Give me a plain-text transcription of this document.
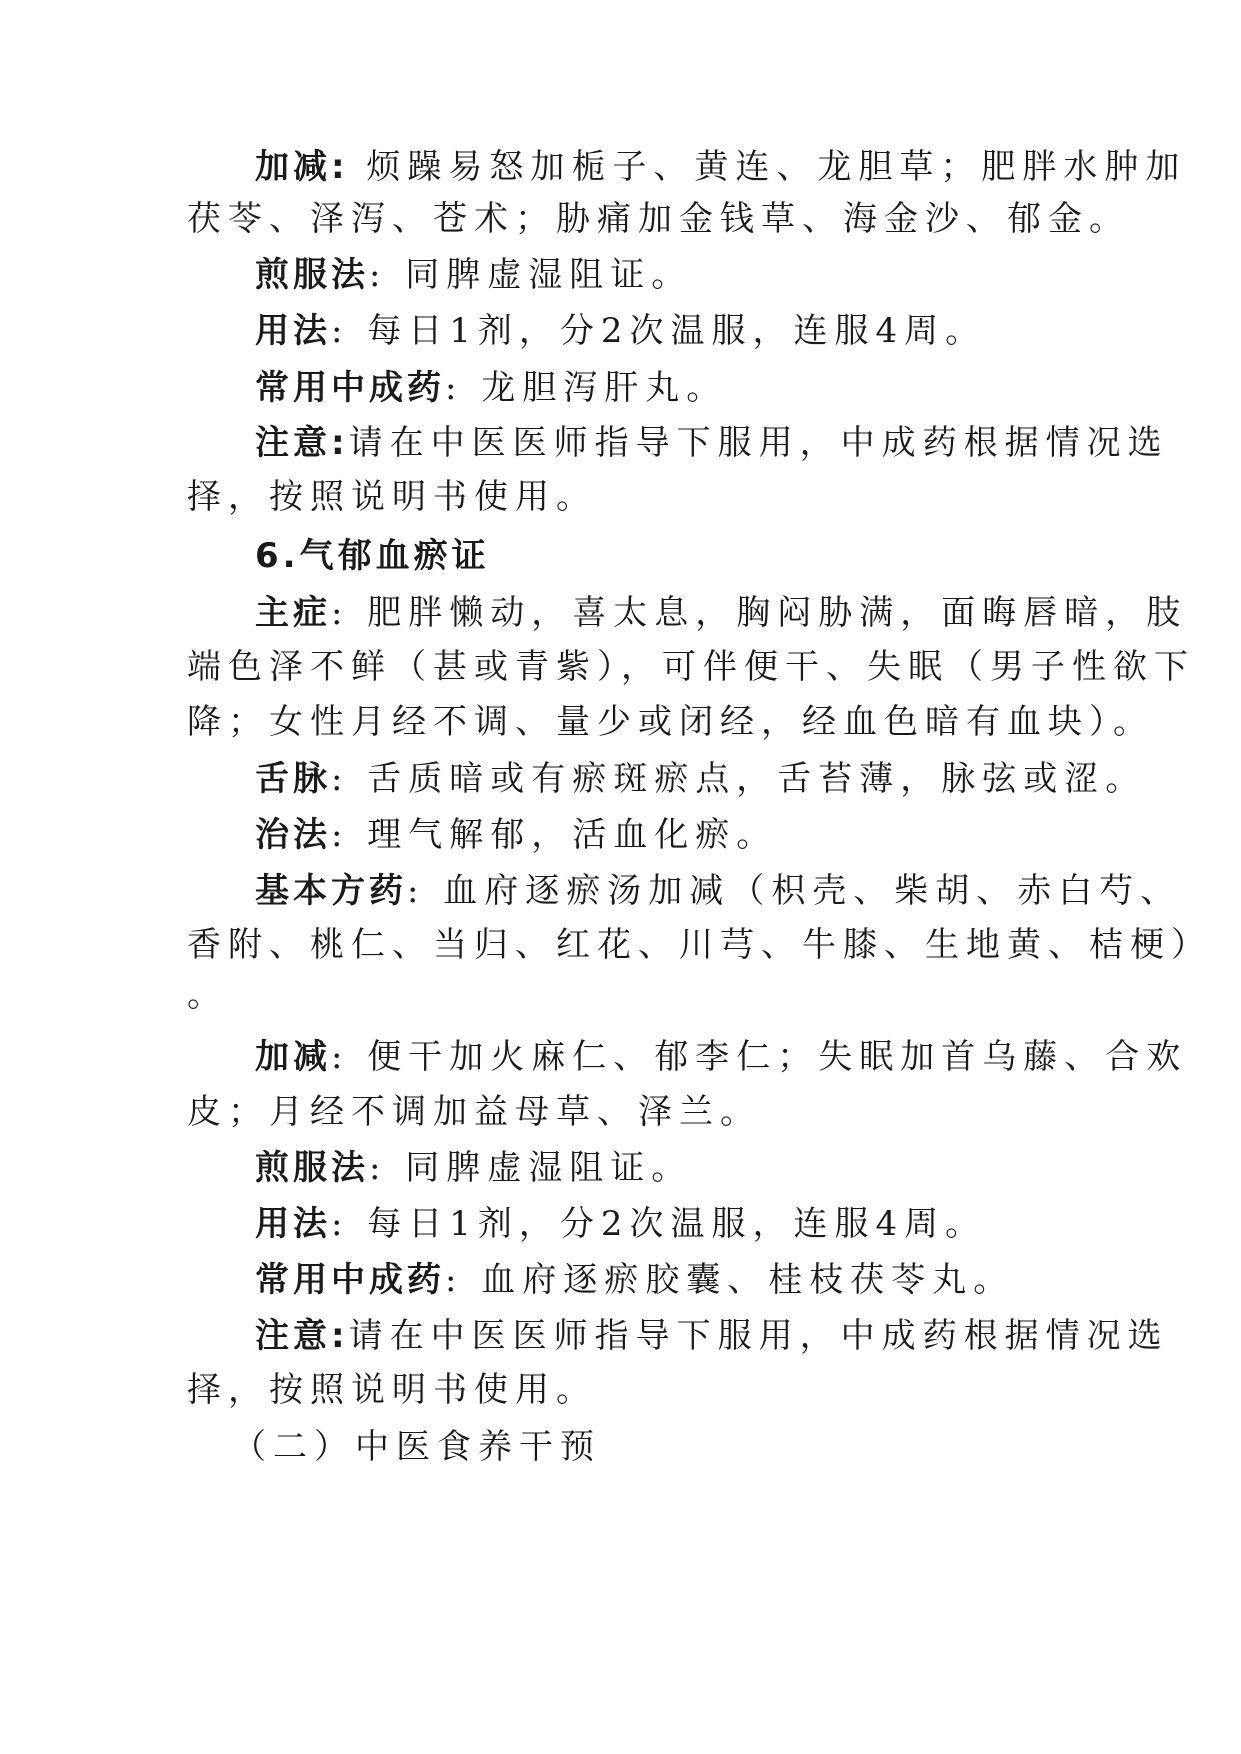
加减: 烦躁易怒加栀子、黄连、龙胆草；肥胖水肿加
茯苓、泽泻、苍术；胁痛加金钱草、海金沙、郁金。
煎服法: 同脾虚湿阻证。
用法: 每日1剂，分2次温服，连服4周。
常用中成药: 龙胆泻肝丸。
注意:请在中医医师指导下服用，中成药根据情况选
择，按照说明书使用。
6.气郁血瘀证
主症: 肥胖懒动，喜太息，胸闷胁满，面晦唇暗，肢
端色泽不鲜（甚或青紫），可伴便干、失眠（男子性欲下
降；女性月经不调、量少或闭经，经血色暗有血块）。
舌脉: 舌质暗或有瘀斑瘀点，舌苔薄，脉弦或涩。
治法: 理气解郁，活血化瘀。
基本方药: 血府逐瘀汤加减（枳壳、柴胡、赤白芍、
香附、桃仁、当归、红花、川芎、牛膝、生地黄、桔梗）
。
加减: 便干加火麻仁、郁李仁；失眠加首乌藤、合欢
皮；月经不调加益母草、泽兰。
煎服法: 同脾虚湿阻证。
用法: 每日1剂，分2次温服，连服4周。
常用中成药: 血府逐瘀胶囊、桂枝茯苓丸。
注意:请在中医医师指导下服用，中成药根据情况选
择，按照说明书使用。
（二）中医食养干预
